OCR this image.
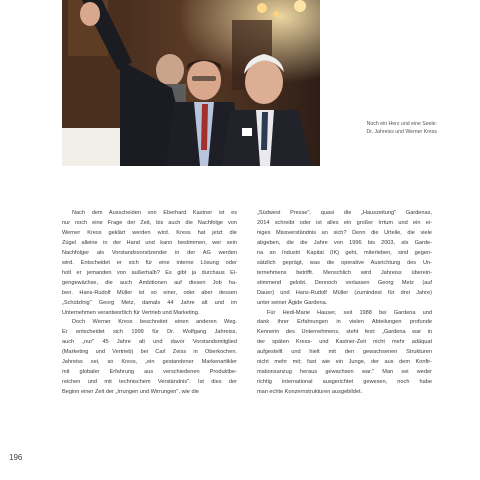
Noch ein Herz und eine Seele:
Dr. Jahreiss und Werner Kress

Nach dem Ausscheiden von Eberhard Kastner ist es
nur noch eine Frage der Zeit, bis auch die Nachfolge von
Werner Kress geklärt werden wird. Kress hat jetzt die
Zügel alleine in der Hand und kann bestimmen, wer sein
Nachfolger als Vorstandsvorsitzender in der AG werden
wird. Entscheidet er sich für eine interne Lösung oder
holt er jemanden von außerhalb? Es gibt ja durchaus Ei-
gengewächse, die auch Ambitionen auf diesen Job ha-
ben. Hans-Rudolf Müller ist so einer, oder aber dessen
„Schützling" Georg Metz, damals 44 Jahre alt und im
Unternehmen verantwortlich für Vertrieb und Marketing.

Doch Werner Kress beschreitet einen anderen Weg.
Er entscheidet sich 1999 für Dr. Wolfgang Jahreiss,
auch „nur" 45 Jahre alt und davor Vorstandsmitglied
(Marketing und Vertrieb) bei Carl Zeiss in Oberkochen.
Jahreiss sei, so Kress, „ein gestandener Markenartikler
mit globaler Erfahrung aus verschiedenen Produktbe-
reichen und mit technischem Verständnis". Ist dies der
Beginn einer Zeit der „Irrungen und Wirrungen", wie die

„Südwest Presse", quasi die „Hauszeitung" Gardenas,
2014 schreibt oder ist alles ein großer Irrtum und ein ei-
niges Missverständnis an sich? Denn die Urteile, die viele
abgeben, die die Jahre von 1996 bis 2003, als Garde-
na an Industri Kapital (IK) geht, miterleben, sind gegen-
sätzlich geprägt, was die operative Ausrichtung des Un-
ternehmens betrifft. Menschlich wird Jahreiss überein-
stimmend gelobt. Dennoch verlassen Georg Metz (auf
Dauer) und Hans-Rudolf Müller (zumindest für drei Jahre)
unter seiner Ägide Gardena.

Für Hedi-Marie Hauser, seit 1988 bei Gardena und
dank ihrer Erfahrungen in vielen Abteilungen profunde
Kennerin des Unternehmens, steht fest: „Gardena war in
der späten Kress- und Kastner-Zeit nicht mehr adäquat
aufgestellt und hielt mit den gewachsenen Strukturen
nicht mehr mit; fast wie ein Junge, der aus dem Konfir-
mationsanzug heraus gewachsen war." Man sei weder
richtig international ausgerichtet gewesen, noch habe
man echte Konzernstrukturen ausgebildet.

196
